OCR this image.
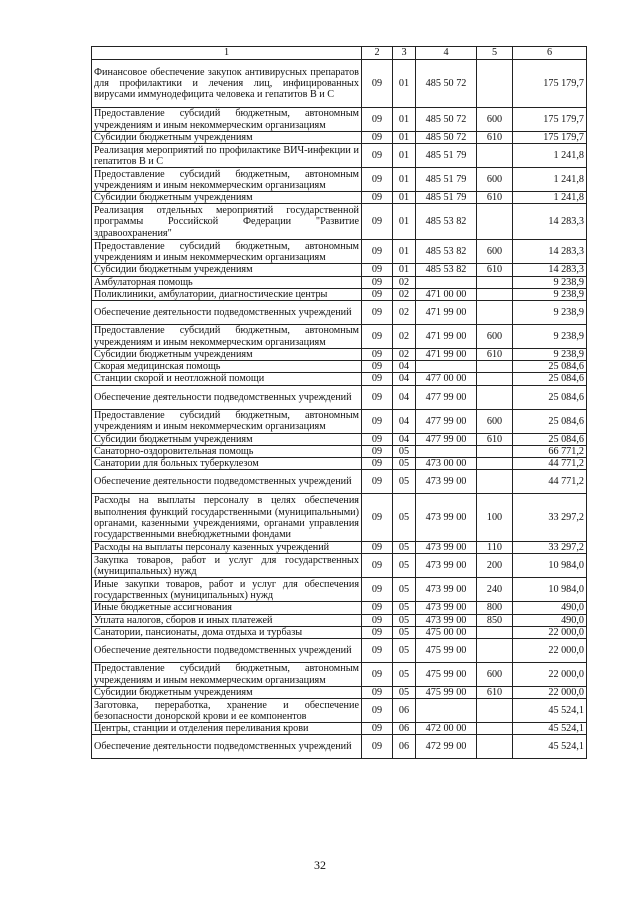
1	2	3	4	5	6
Финансовое обеспечение закупок антивирусных препаратов для профилактики и лечения лиц, инфицированных вирусами иммунодефицита человека и гепатитов В и С	09	01	485 50 72		175 179,7
Предоставление субсидий бюджетным, автономным учреждениям и иным некоммерческим организациям	09	01	485 50 72	600	175 179,7
Субсидии бюджетным учреждениям	09	01	485 50 72	610	175 179,7
Реализация мероприятий по профилактике ВИЧ-инфекции и гепатитов В и С	09	01	485 51 79		1 241,8
Предоставление субсидий бюджетным, автономным учреждениям и иным некоммерческим организациям	09	01	485 51 79	600	1 241,8
Субсидии бюджетным учреждениям	09	01	485 51 79	610	1 241,8
Реализация отдельных мероприятий государственной программы Российской Федерации "Развитие здравоохранения"	09	01	485 53 82		14 283,3
Предоставление субсидий бюджетным, автономным учреждениям и иным некоммерческим организациям	09	01	485 53 82	600	14 283,3
Субсидии бюджетным учреждениям	09	01	485 53 82	610	14 283,3
Амбулаторная помощь	09	02			9 238,9
Поликлиники, амбулатории, диагностические центры	09	02	471 00 00		9 238,9
Обеспечение деятельности подведомственных учреждений	09	02	471 99 00		9 238,9
Предоставление субсидий бюджетным, автономным учреждениям и иным некоммерческим организациям	09	02	471 99 00	600	9 238,9
Субсидии бюджетным учреждениям	09	02	471 99 00	610	9 238,9
Скорая медицинская помощь	09	04			25 084,6
Станции скорой и неотложной помощи	09	04	477 00 00		25 084,6
Обеспечение деятельности подведомственных учреждений	09	04	477 99 00		25 084,6
Предоставление субсидий бюджетным, автономным учреждениям и иным некоммерческим организациям	09	04	477 99 00	600	25 084,6
Субсидии бюджетным учреждениям	09	04	477 99 00	610	25 084,6
Санаторно-оздоровительная помощь	09	05			66 771,2
Санатории для больных туберкулезом	09	05	473 00 00		44 771,2
Обеспечение деятельности подведомственных учреждений	09	05	473 99 00		44 771,2
Расходы на выплаты персоналу в целях обеспечения выполнения функций государственными (муниципальными) органами, казенными учреждениями, органами управления государственными внебюджетными фондами	09	05	473 99 00	100	33 297,2
Расходы на выплаты персоналу казенных учреждений	09	05	473 99 00	110	33 297,2
Закупка товаров, работ и услуг для государственных (муниципальных) нужд	09	05	473 99 00	200	10 984,0
Иные закупки товаров, работ и услуг для обеспечения государственных (муниципальных) нужд	09	05	473 99 00	240	10 984,0
Иные бюджетные ассигнования	09	05	473 99 00	800	490,0
Уплата налогов, сборов и иных платежей	09	05	473 99 00	850	490,0
Санатории, пансионаты, дома отдыха и турбазы	09	05	475 00 00		22 000,0
Обеспечение деятельности подведомственных учреждений	09	05	475 99 00		22 000,0
Предоставление субсидий бюджетным, автономным учреждениям и иным некоммерческим организациям	09	05	475 99 00	600	22 000,0
Субсидии бюджетным учреждениям	09	05	475 99 00	610	22 000,0
Заготовка, переработка, хранение и обеспечение безопасности донорской крови и ее компонентов	09	06			45 524,1
Центры, станции и отделения переливания крови	09	06	472 00 00		45 524,1
Обеспечение деятельности подведомственных учреждений	09	06	472 99 00		45 524,1
32
